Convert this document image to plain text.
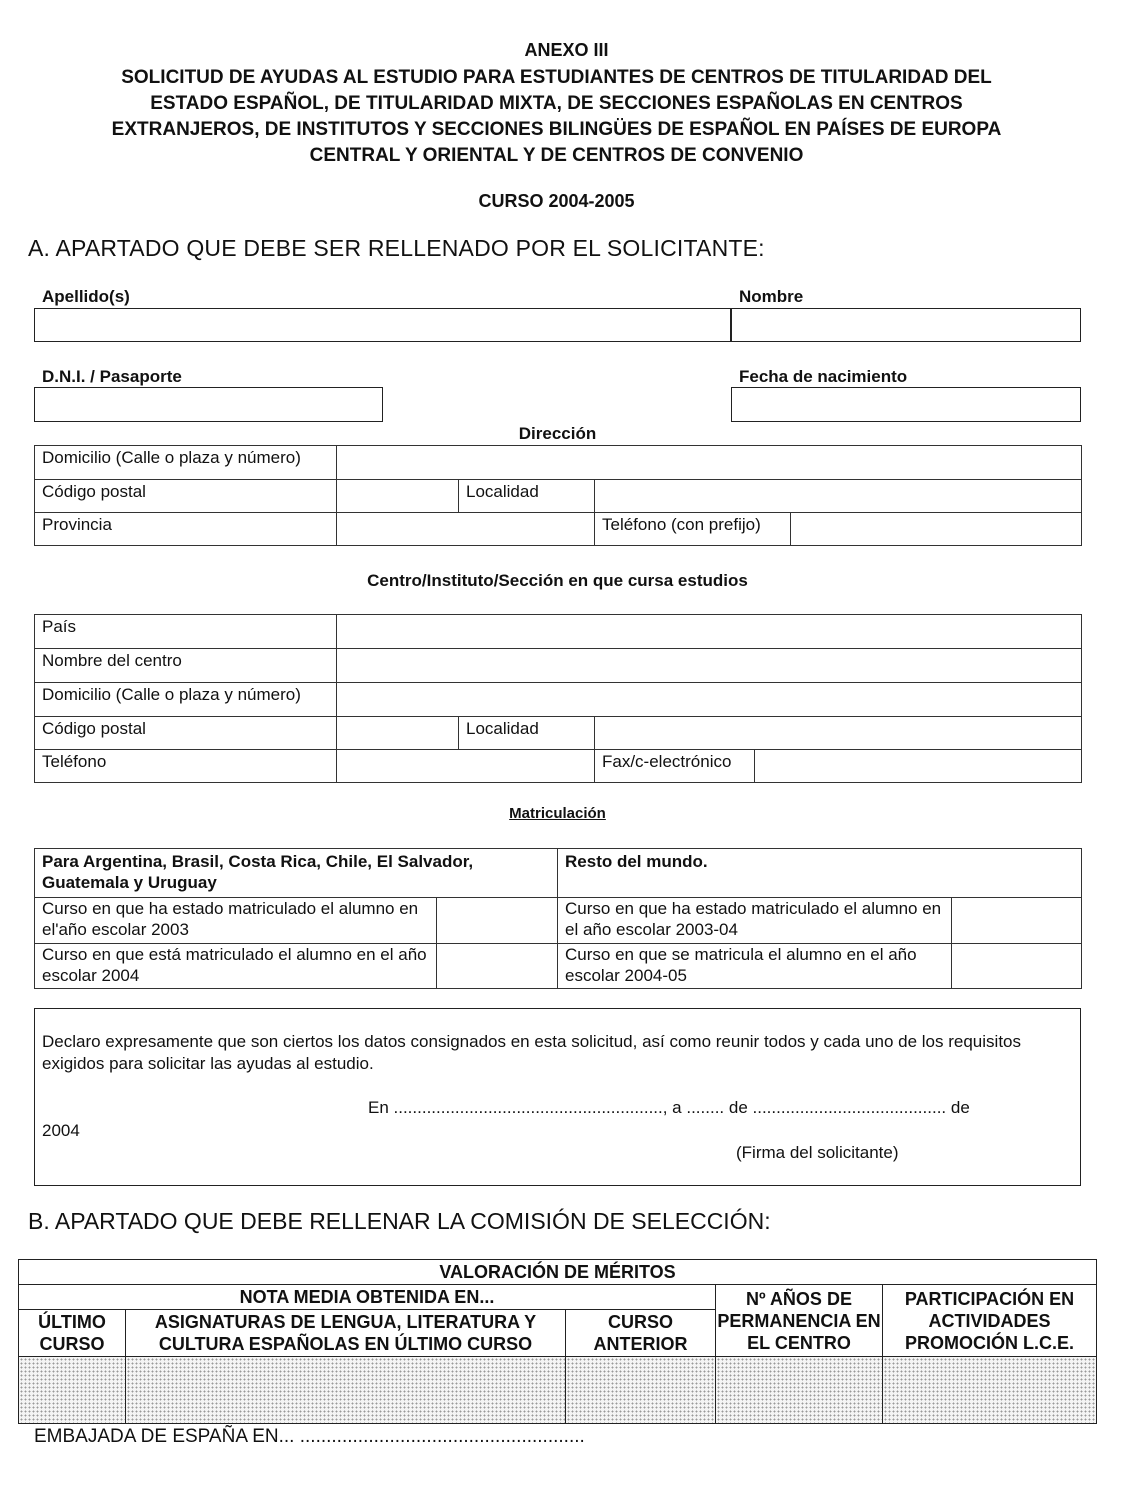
ANEXO III
SOLICITUD DE AYUDAS AL ESTUDIO PARA ESTUDIANTES DE CENTROS DE TITULARIDAD DEL
ESTADO ESPAÑOL, DE TITULARIDAD MIXTA, DE SECCIONES ESPAÑOLAS EN CENTROS
EXTRANJEROS, DE INSTITUTOS Y SECCIONES BILINGÜES DE ESPAÑOL EN PAÍSES DE EUROPA
CENTRAL Y ORIENTAL Y DE CENTROS DE CONVENIO
CURSO 2004-2005
A. APARTADO QUE DEBE SER RELLENADO POR EL SOLICITANTE:
Apellido(s)	Nombre
D.N.I. / Pasaporte	Fecha de nacimiento
Dirección
Domicilio (Calle o plaza y número)				
Código postal		Localidad		
Provincia			Teléfono (con prefijo)	
Centro/Instituto/Sección en que cursa estudios
País				
Nombre del centro				
Domicilio (Calle o plaza y número)				
Código postal		Localidad		
Teléfono			Fax/c-electrónico	
Matriculación
Para Argentina, Brasil, Costa Rica, Chile, El Salvador, Guatemala y Uruguay		Resto del mundo.	
Curso en que ha estado matriculado el alumno en el'año escolar 2003		Curso en que ha estado matriculado el alumno en el año escolar 2003-04	
Curso en que está matriculado el alumno en el año escolar 2004		Curso en que se matricula el alumno en el año escolar 2004-05	
Declaro expresamente que son ciertos los datos consignados en esta solicitud, así como reunir todos y cada uno de los requisitos exigidos para solicitar las ayudas al estudio.
En ........................................................., a ........ de ......................................... de
2004
(Firma del solicitante)
B. APARTADO QUE DEBE RELLENAR LA COMISIÓN DE SELECCIÓN:
VALORACIÓN DE MÉRITOS				
NOTA MEDIA OBTENIDA EN...			Nº AÑOS DE PERMANENCIA EN EL CENTRO	PARTICIPACIÓN EN ACTIVIDADES PROMOCIÓN L.C.E.
ÚLTIMO CURSO	ASIGNATURAS DE LENGUA, LITERATURA Y CULTURA ESPAÑOLAS EN ÚLTIMO CURSO	CURSO ANTERIOR		

EMBAJADA DE ESPAÑA EN... ......................................................
